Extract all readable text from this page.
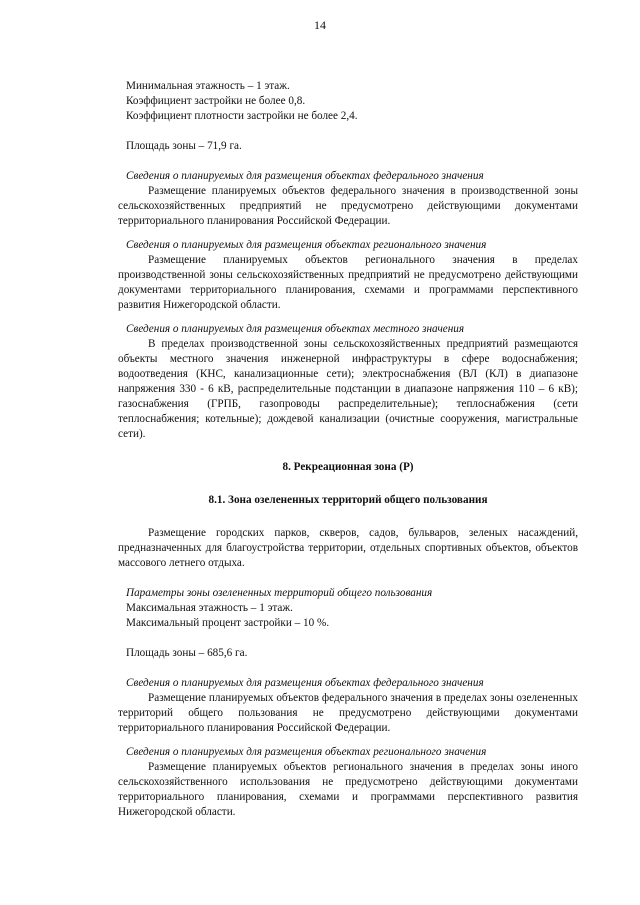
14
Минимальная этажность – 1 этаж.
Коэффициент застройки не более 0,8.
Коэффициент плотности застройки не более 2,4.
Площадь зоны – 71,9 га.
Сведения о планируемых для размещения объектах федерального значения
Размещение планируемых объектов федерального значения в производственной зоны сельскохозяйственных предприятий не предусмотрено действующими документами территориального планирования Российской Федерации.
Сведения о планируемых для размещения объектах регионального значения
Размещение планируемых объектов регионального значения в пределах производственной зоны сельскохозяйственных предприятий не предусмотрено действующими документами территориального планирования, схемами и программами перспективного развития Нижегородской области.
Сведения о планируемых для размещения объектах местного значения
В пределах производственной зоны сельскохозяйственных предприятий размещаются объекты местного значения инженерной инфраструктуры в сфере водоснабжения; водоотведения (КНС, канализационные сети); электроснабжения (ВЛ (КЛ) в диапазоне напряжения 330 - 6 кВ, распределительные подстанции в диапазоне напряжения 110 – 6 кВ); газоснабжения (ГРПБ, газопроводы распределительные); теплоснабжения (сети теплоснабжения; котельные); дождевой канализации (очистные сооружения, магистральные сети).
8. Рекреационная зона (Р)
8.1. Зона озелененных территорий общего пользования
Размещение городских парков, скверов, садов, бульваров, зеленых насаждений, предназначенных для благоустройства территории, отдельных спортивных объектов, объектов массового летнего отдыха.
Параметры зоны озелененных территорий общего пользования
Максимальная этажность – 1 этаж.
Максимальный процент застройки – 10 %.
Площадь зоны – 685,6 га.
Сведения о планируемых для размещения объектах федерального значения
Размещение планируемых объектов федерального значения в пределах зоны озелененных территорий общего пользования не предусмотрено действующими документами территориального планирования Российской Федерации.
Сведения о планируемых для размещения объектах регионального значения
Размещение планируемых объектов регионального значения в пределах зоны иного сельскохозяйственного использования не предусмотрено действующими документами территориального планирования, схемами и программами перспективного развития Нижегородской области.
